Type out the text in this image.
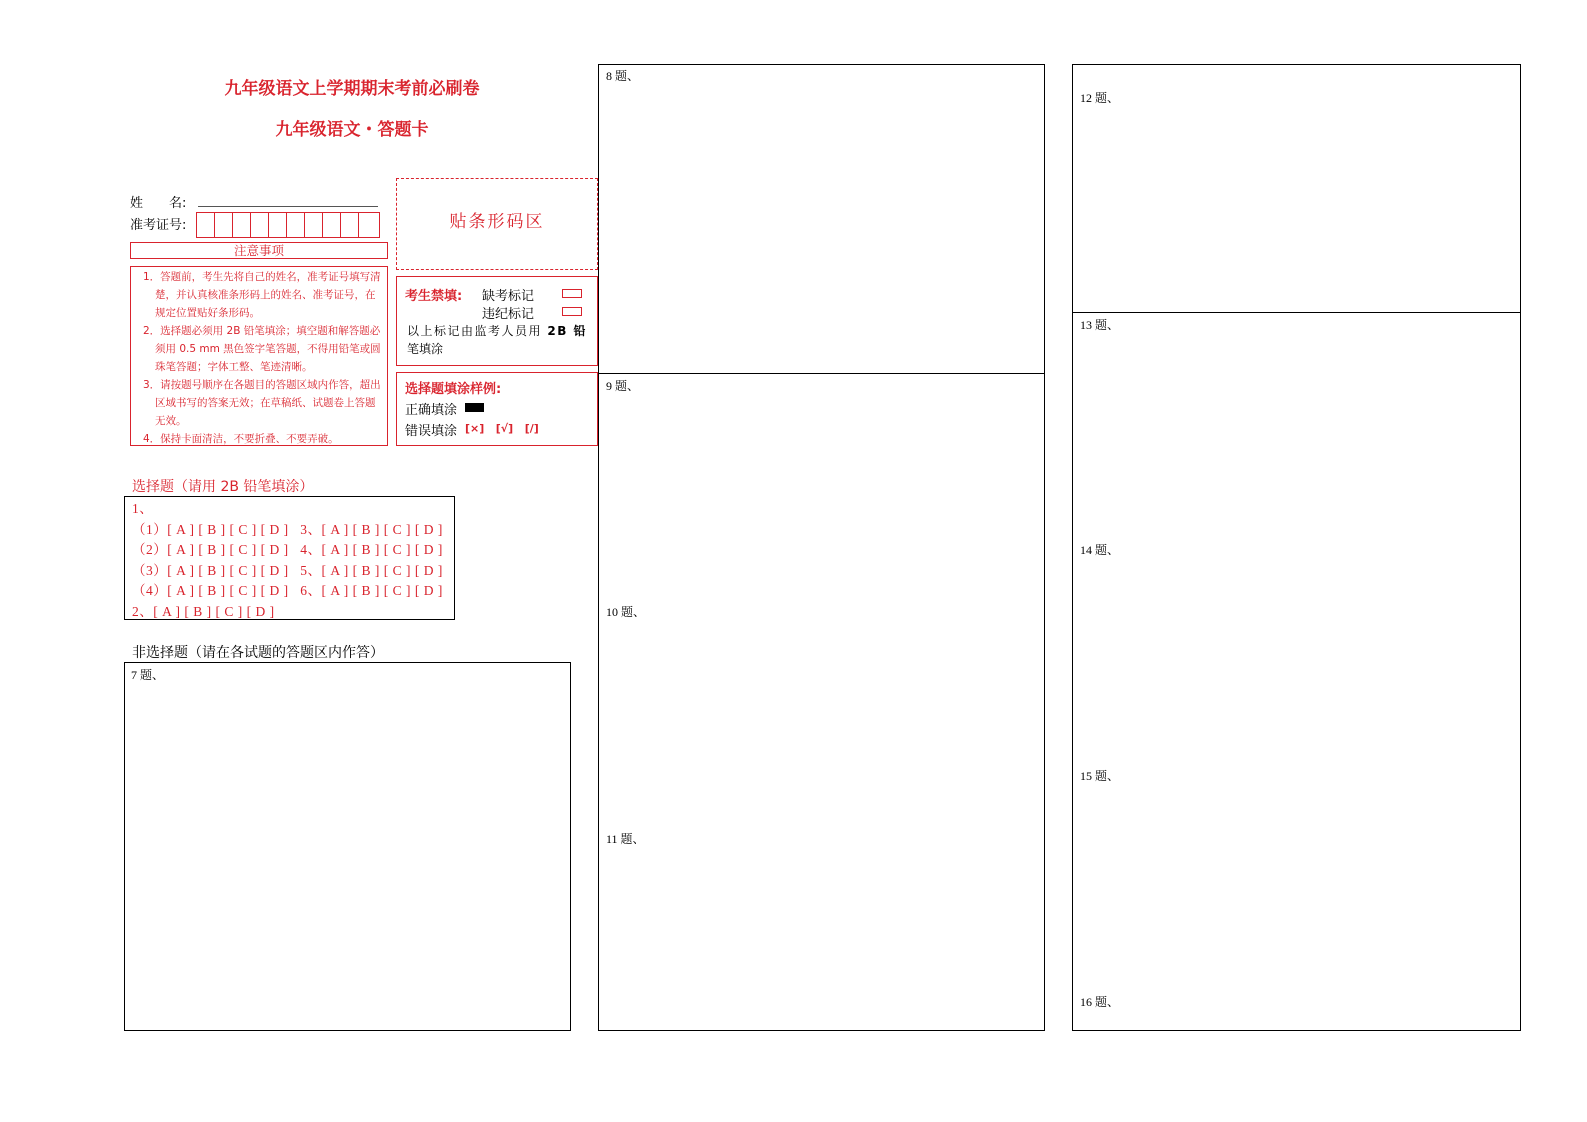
九年级语文上学期期末考前必刷卷
九年级语文・答题卡
姓　　名:
准考证号:
注意事项
1．答题前，考生先将自己的姓名，准考证号填写清楚，并认真核准条形码上的姓名、准考证号，在规定位置贴好条形码。
2．选择题必须用 2B 铅笔填涂；填空题和解答题必须用 0.5 mm 黑色签字笔答题，不得用铅笔或圆珠笔答题；字体工整、笔迹清晰。
3．请按题号顺序在各题目的答题区域内作答，超出区域书写的答案无效；在草稿纸、试题卷上答题无效。
4．保持卡面清洁，不要折叠、不要弄破。
贴条形码区
考生禁填: 缺考标记
违纪标记
以上标记由监考人员用 2B 铅
笔填涂
选择题填涂样例:
正确填涂
错误填涂 [×] [√] [/]
选择题（请用 2B 铅笔填涂）
1、
（1）[ A ] [ B ] [ C ] [ D ]   3、[ A ] [ B ] [ C ] [ D ]
（2）[ A ] [ B ] [ C ] [ D ]   4、[ A ] [ B ] [ C ] [ D ]
（3）[ A ] [ B ] [ C ] [ D ]   5、[ A ] [ B ] [ C ] [ D ]
（4）[ A ] [ B ] [ C ] [ D ]   6、[ A ] [ B ] [ C ] [ D ]
2、[ A ] [ B ] [ C ] [ D ]
非选择题（请在各试题的答题区内作答）
7 题、
8 题、
9 题、
10 题、
11 题、
12 题、
13 题、
14 题、
15 题、
16 题、
